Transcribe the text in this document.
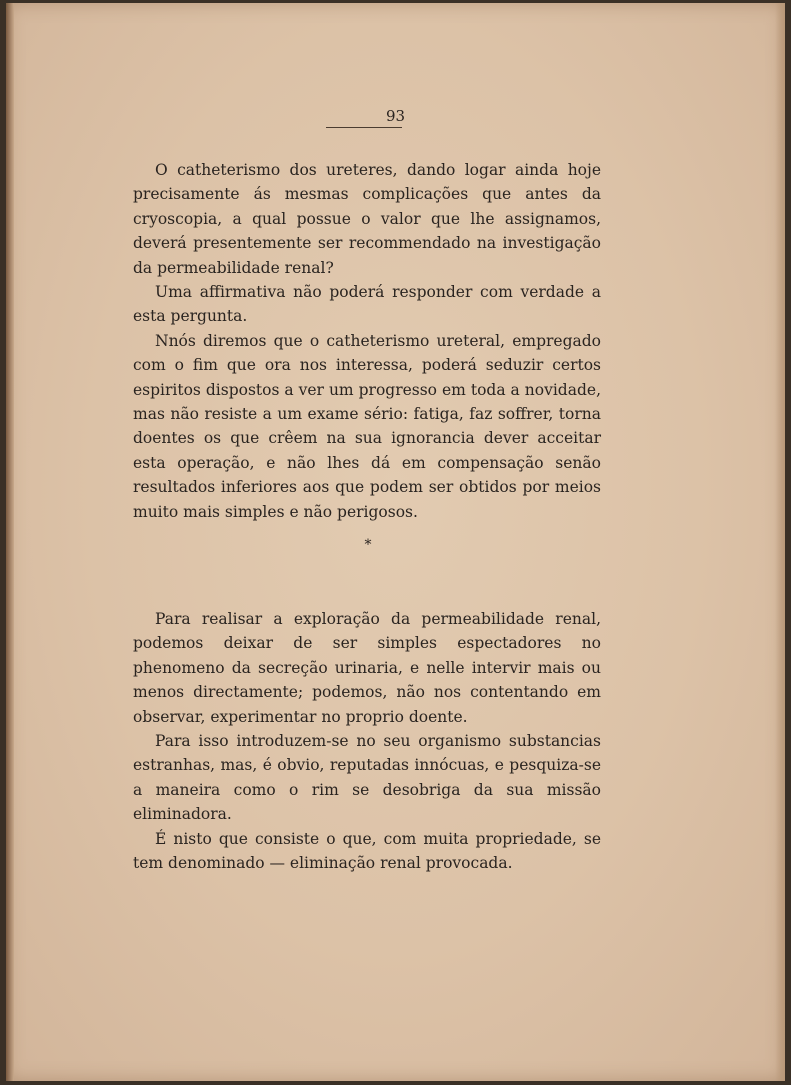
93

O catheterismo dos ureteres, dando logar ainda hoje precisamente ás mesmas complicações que antes da cryoscopia, a qual possue o valor que lhe assignamos, deverá presentemente ser recommendado na investigação da permeabilidade renal?

Uma affirmativa não poderá responder com verdade a esta pergunta.

Nnós diremos que o catheterismo ureteral, empregado com o fim que ora nos interessa, poderá seduzir certos espiritos dispostos a ver um progresso em toda a novidade, mas não resiste a um exame sério: fatiga, faz soffrer, torna doentes os que crêem na sua ignorancia dever acceitar esta operação, e não lhes dá em compensação senão resultados inferiores aos que podem ser obtidos por meios muito mais simples e não perigosos.

*

Para realisar a exploração da permeabilidade renal, podemos deixar de ser simples espectadores no phenomeno da secreção urinaria, e nelle intervir mais ou menos directamente; podemos, não nos contentando em observar, experimentar no proprio doente.

Para isso introduzem-se no seu organismo substancias estranhas, mas, é obvio, reputadas innócuas, e pesquiza-se a maneira como o rim se desobriga da sua missão eliminadora.

É nisto que consiste o que, com muita propriedade, se tem denominado — eliminação renal provocada.
